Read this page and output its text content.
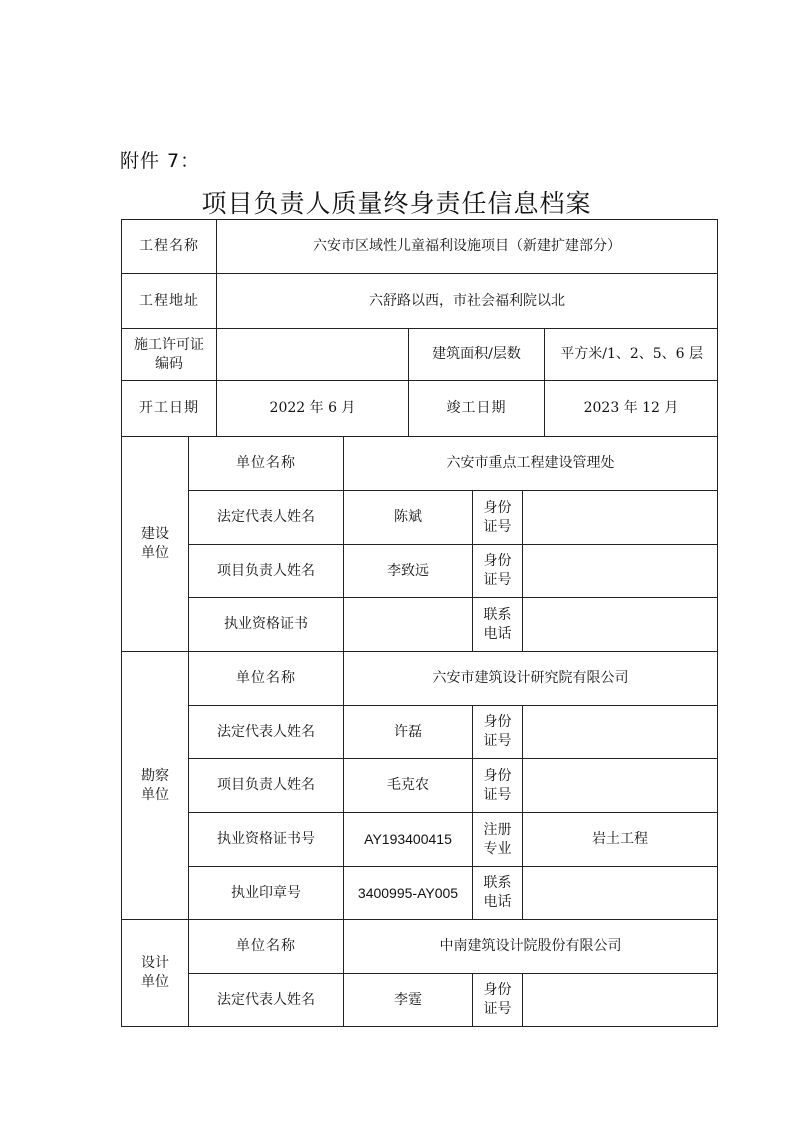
附件 7：
项目负责人质量终身责任信息档案
工程名称		六安市区域性儿童福利设施项目（新建扩建部分）					
工程地址		六舒路以西，市社会福利院以北					
施工许可证编码				建筑面积/层数			平方米/1、2、5、6 层
开工日期		2022 年 6 月		竣工日期			2023 年 12 月
建设单位	单位名称		六安市重点工程建设管理处				
	法定代表人姓名		陈斌		身份证号		
	项目负责人姓名		李致远		身份证号		
	执业资格证书				联系电话		
勘察单位	单位名称		六安市建筑设计研究院有限公司				
	法定代表人姓名		许磊		身份证号		
	项目负责人姓名		毛克农		身份证号		
	执业资格证书号		AY193400415		注册专业	岩土工程	
	执业印章号		3400995-AY005		联系电话		
设计单位	单位名称		中南建筑设计院股份有限公司				
	法定代表人姓名		李霆		身份证号		
